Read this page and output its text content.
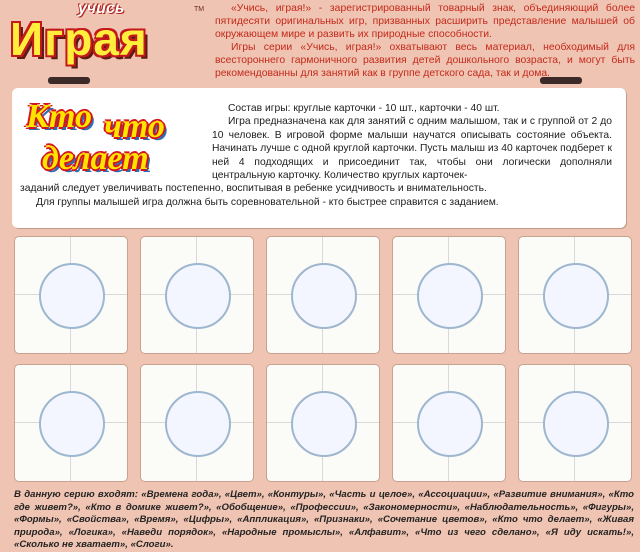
учись
Играя
TM	«Учись, играя!» - зарегистрированный товарный знак, объединяющий более пятидесяти оригинальных игр, призванных расширить представление малышей об окружающем мире и развить их природные способности.

Игры серии «Учись, играя!» охватывают весь материал, необходимый для всестороннего гармоничного развития детей дошкольного возраста, и могут быть рекомендованны для занятий как в группе детского сада, так и дома.

Кто что
делает

Состав игры: круглые карточки - 10 шт., карточки - 40 шт.

Игра предназначена как для занятий с одним малышом, так и с группой от 2 до 10 человек. В игровой форме малыши научатся описывать состояние объекта. Начинать лучше с одной круглой карточки. Пусть малыш из 40 карточек подберет к ней 4 подходящих и присоединит так, чтобы они логически дополняли центральную карточку. Количество круглых карточек-

заданий следует увеличивать постепенно, воспитывая в ребенке усидчивость и внимательность.

Для группы малышей игра должна быть соревновательной - кто быстрее справится с заданием.

В данную серию входят: «Времена года», «Цвет», «Контуры», «Часть и целое», «Ассоциации», «Развитие внимания», «Кто где живет?», «Кто в домике живет?», «Обобщение», «Профессии», «Закономерности», «Наблюдательность», «Фигуры», «Формы», «Свойства», «Время», «Цифры», «Аппликация», «Признаки», «Сочетание цветов», «Кто что делает», «Живая природа», «Логика», «Наведи порядок», «Народные промыслы», «Алфавит», «Что из чего сделано», «Я иду искать!», «Сколько не хватает», «Слоги».
